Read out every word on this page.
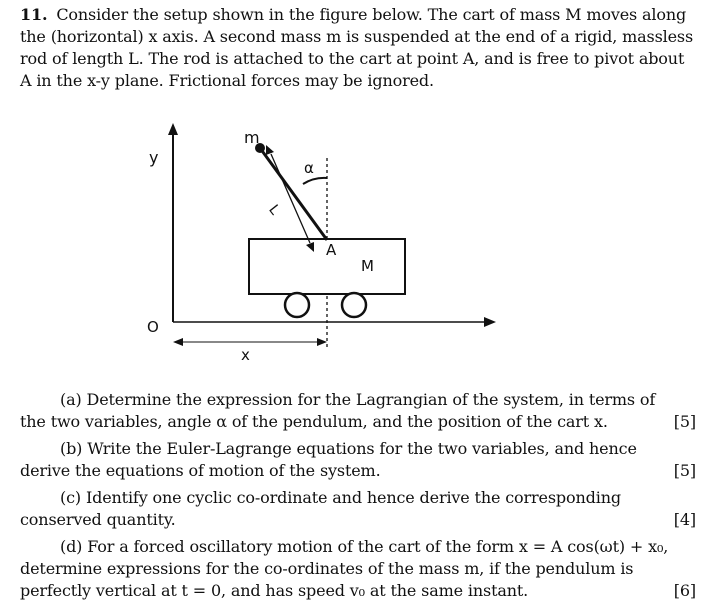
11. Consider the setup shown in the figure below. The cart of mass M moves along the (horizontal) x axis. A second mass m is suspended at the end of a rigid, massless rod of length L. The rod is attached to the cart at point A, and is free to pivot about A in the x-y plane. Frictional forces may be ignored.
y
O
x
m
α
L
A
M
(a) Determine the expression for the Lagrangian of the system, in terms of the two variables, angle α of the pendulum, and the position of the cart x.	[5]
(b) Write the Euler-Lagrange equations for the two variables, and hence derive the equations of motion of the system.	[5]
(c) Identify one cyclic co-ordinate and hence derive the corresponding conserved quantity.	[4]
(d) For a forced oscillatory motion of the cart of the form x = A cos(ωt) + x₀, determine expressions for the co-ordinates of the mass m, if the pendulum is perfectly vertical at t = 0, and has speed v₀ at the same instant.	[6]
